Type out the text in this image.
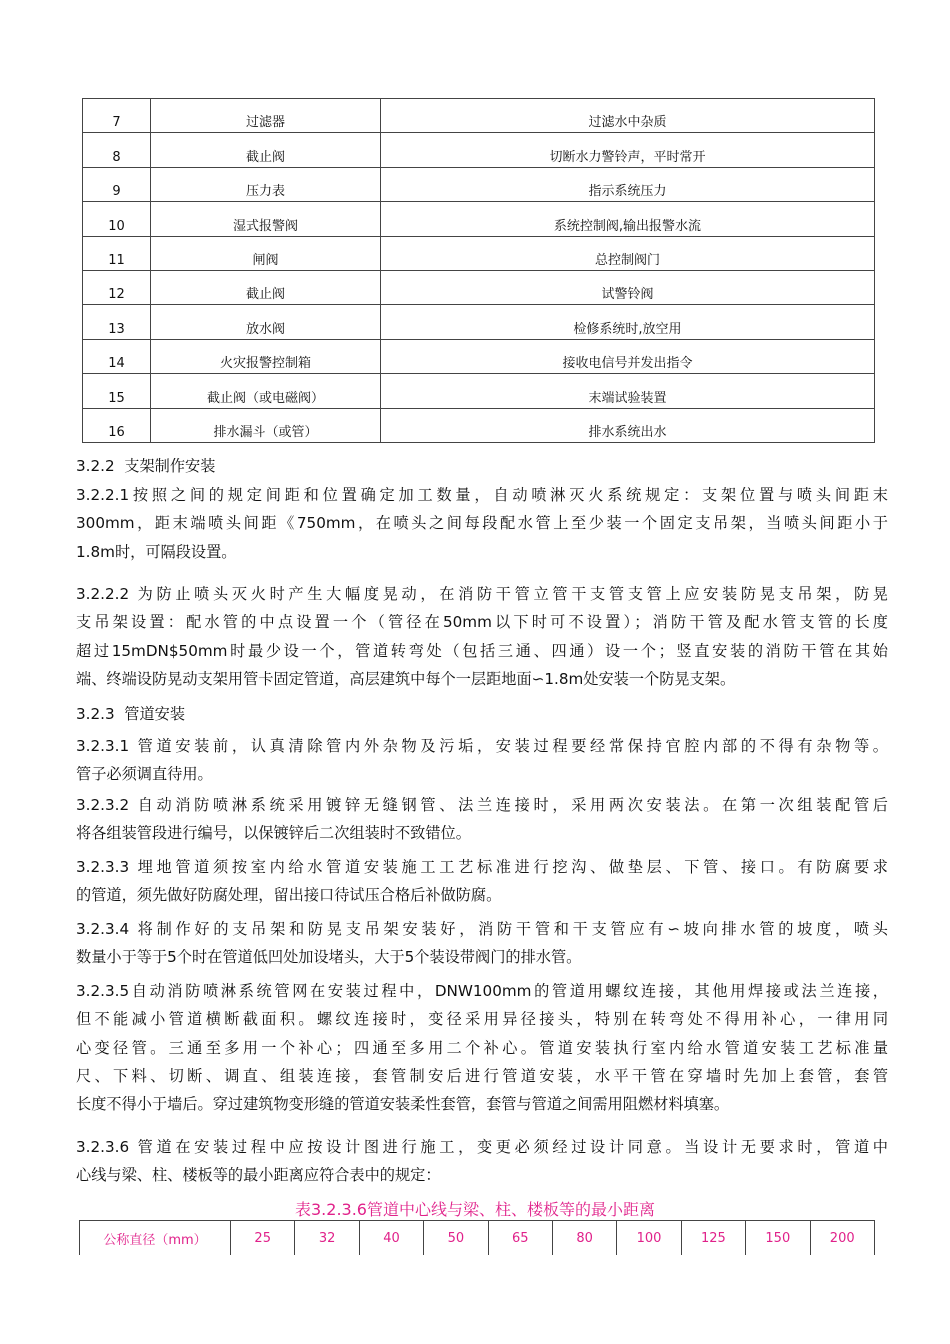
7	过滤器	过滤水中杂质
8	截止阀	切断水力警铃声，平时常开
9	压力表	指示系统压力
10	湿式报警阀	系统控制阀,输出报警水流
11	闸阀	总控制阀门
12	截止阀	试警铃阀
13	放水阀	检修系统时,放空用
14	火灾报警控制箱	接收电信号并发出指令
15	截止阀（或电磁阀）	末端试验装置
16	排水漏斗（或管）	排水系统出水

3.2.2  支架制作安装

3.2.2.1按照之间的规定间距和位置确定加工数量，自动喷淋灭火系统规定：支架位置与喷头间距末
300mm，距末端喷头间距《750mm，在喷头之间每段配水管上至少装一个固定支吊架，当喷头间距小于
1.8m时，可隔段设置。
3.2.2.2 为防止喷头灭火时产生大幅度晃动，在消防干管立管干支管支管上应安装防晃支吊架，防晃
支吊架设置：配水管的中点设置一个（管径在50mm以下时可不设置）；消防干管及配水管支管的长度
超过15mDN$50mm时最少设一个，管道转弯处（包括三通、四通）设一个；竖直安装的消防干管在其始
端、终端设防晃动支架用管卡固定管道，高层建筑中每个一层距地面∽1.8m处安装一个防晃支架。

3.2.3  管道安装

3.2.3.1 管道安装前，认真清除管内外杂物及污垢，安装过程要经常保持官腔内部的不得有杂物等。
管子必须调直待用。
3.2.3.2 自动消防喷淋系统采用镀锌无缝钢管、法兰连接时，采用两次安装法。在第一次组装配管后
将各组装管段进行编号，以保镀锌后二次组装时不致错位。
3.2.3.3 埋地管道须按室内给水管道安装施工工艺标准进行挖沟、做垫层、下管、接口。有防腐要求
的管道，须先做好防腐处理，留出接口待试压合格后补做防腐。
3.2.3.4 将制作好的支吊架和防晃支吊架安装好，消防干管和干支管应有∽坡向排水管的坡度，喷头
数量小于等于5个时在管道低凹处加设堵头，大于5个装设带阀门的排水管。
3.2.3.5自动消防喷淋系统管网在安装过程中，DNW100mm的管道用螺纹连接，其他用焊接或法兰连接，
但不能减小管道横断截面积。螺纹连接时，变径采用异径接头，特别在转弯处不得用补心，一律用同
心变径管。三通至多用一个补心；四通至多用二个补心。管道安装执行室内给水管道安装工艺标准量
尺、下料、切断、调直、组装连接，套管制安后进行管道安装，水平干管在穿墙时先加上套管，套管
长度不得小于墙后。穿过建筑物变形缝的管道安装柔性套管，套管与管道之间需用阻燃材料填塞。
3.2.3.6 管道在安装过程中应按设计图进行施工，变更必须经过设计同意。当设计无要求时，管道中
心线与梁、柱、楼板等的最小距离应符合表中的规定：
表3.2.3.6管道中心线与梁、柱、楼板等的最小距离
公称直径（mm）	25	32	40	50	65	80	100	125	150	200
